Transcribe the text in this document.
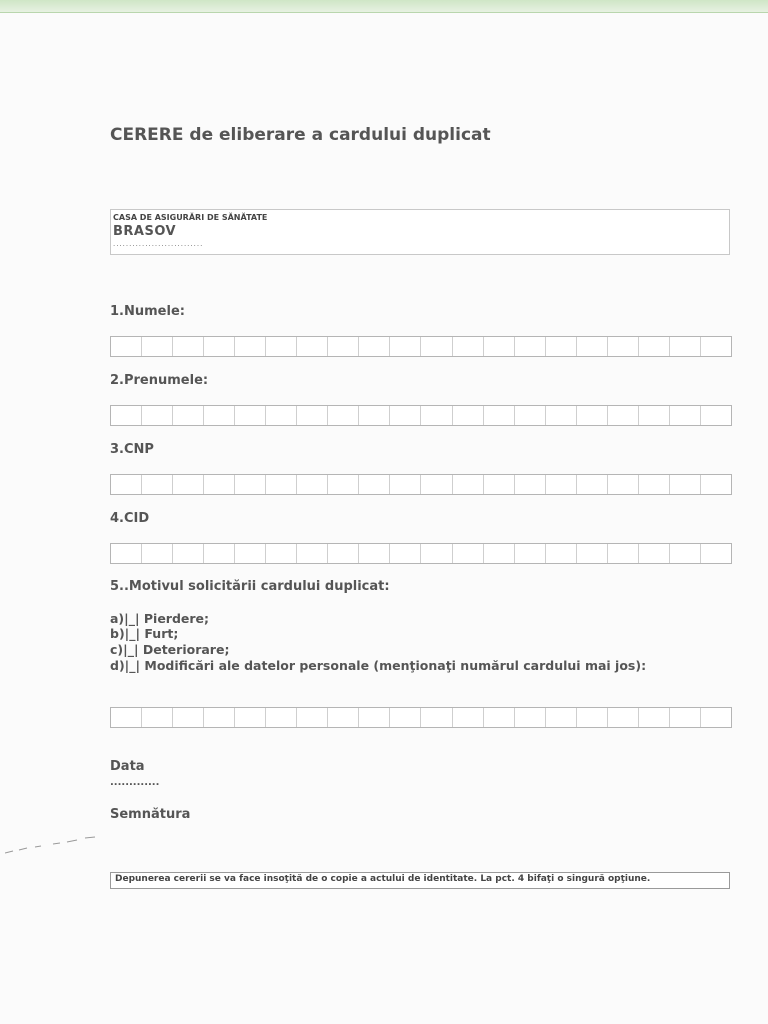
CERERE de eliberare a cardului duplicat
CASA DE ASIGURĂRI DE SĂNĂTATE
BRASOV
............................
1.Numele:
2.Prenumele:
3.CNP
4.CID
5..Motivul solicitării cardului duplicat:
a)|_| Pierdere;
b)|_| Furt;
c)|_| Deteriorare;
d)|_| Modificări ale datelor personale (menţionaţi numărul cardului mai jos):
Data
.............
Semnătura
Depunerea cererii se va face insoţită de o copie a actului de identitate. La pct. 4 bifaţi o singură opţiune.
